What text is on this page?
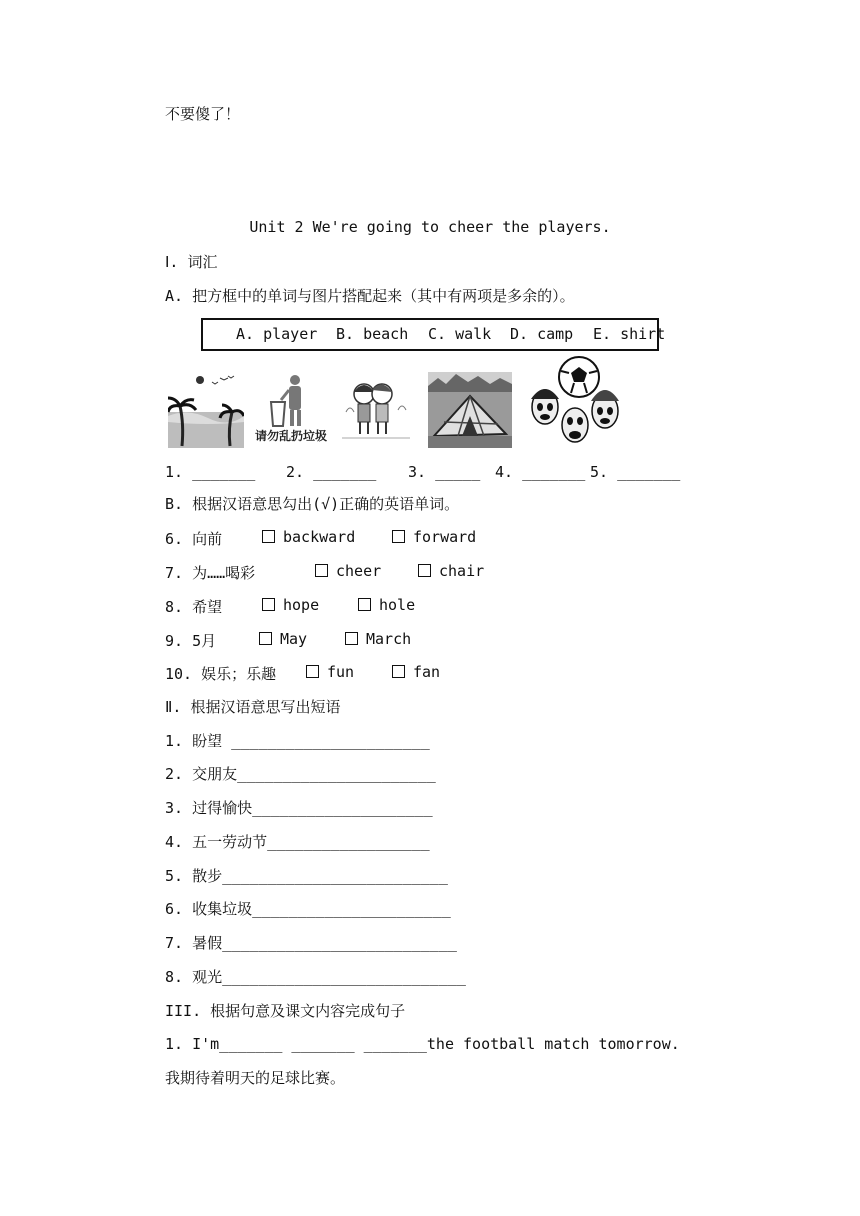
不要傻了！
Unit 2 We're going to cheer the players.
Ⅰ. 词汇
A. 把方框中的单词与图片搭配起来（其中有两项是多余的）。
A. player B. beach C. walk D. camp E. shirt
请勿乱扔垃圾
1. _______ 2. _______ 3. _____ 4. _______ 5. _______
B. 根据汉语意思勾出(√)正确的英语单词。
6. 向前	backward	forward
7. 为……喝彩	cheer	chair
8. 希望	hope	hole
9. 5月	May	March
10. 娱乐；乐趣	fun	fan
Ⅱ. 根据汉语意思写出短语
1. 盼望 ______________________
2. 交朋友______________________
3. 过得愉快____________________
4. 五一劳动节__________________
5. 散步_________________________
6. 收集垃圾______________________
7. 暑假__________________________
8. 观光___________________________
III. 根据句意及课文内容完成句子
1. I'm_______ _______ _______the football match tomorrow.
我期待着明天的足球比赛。
